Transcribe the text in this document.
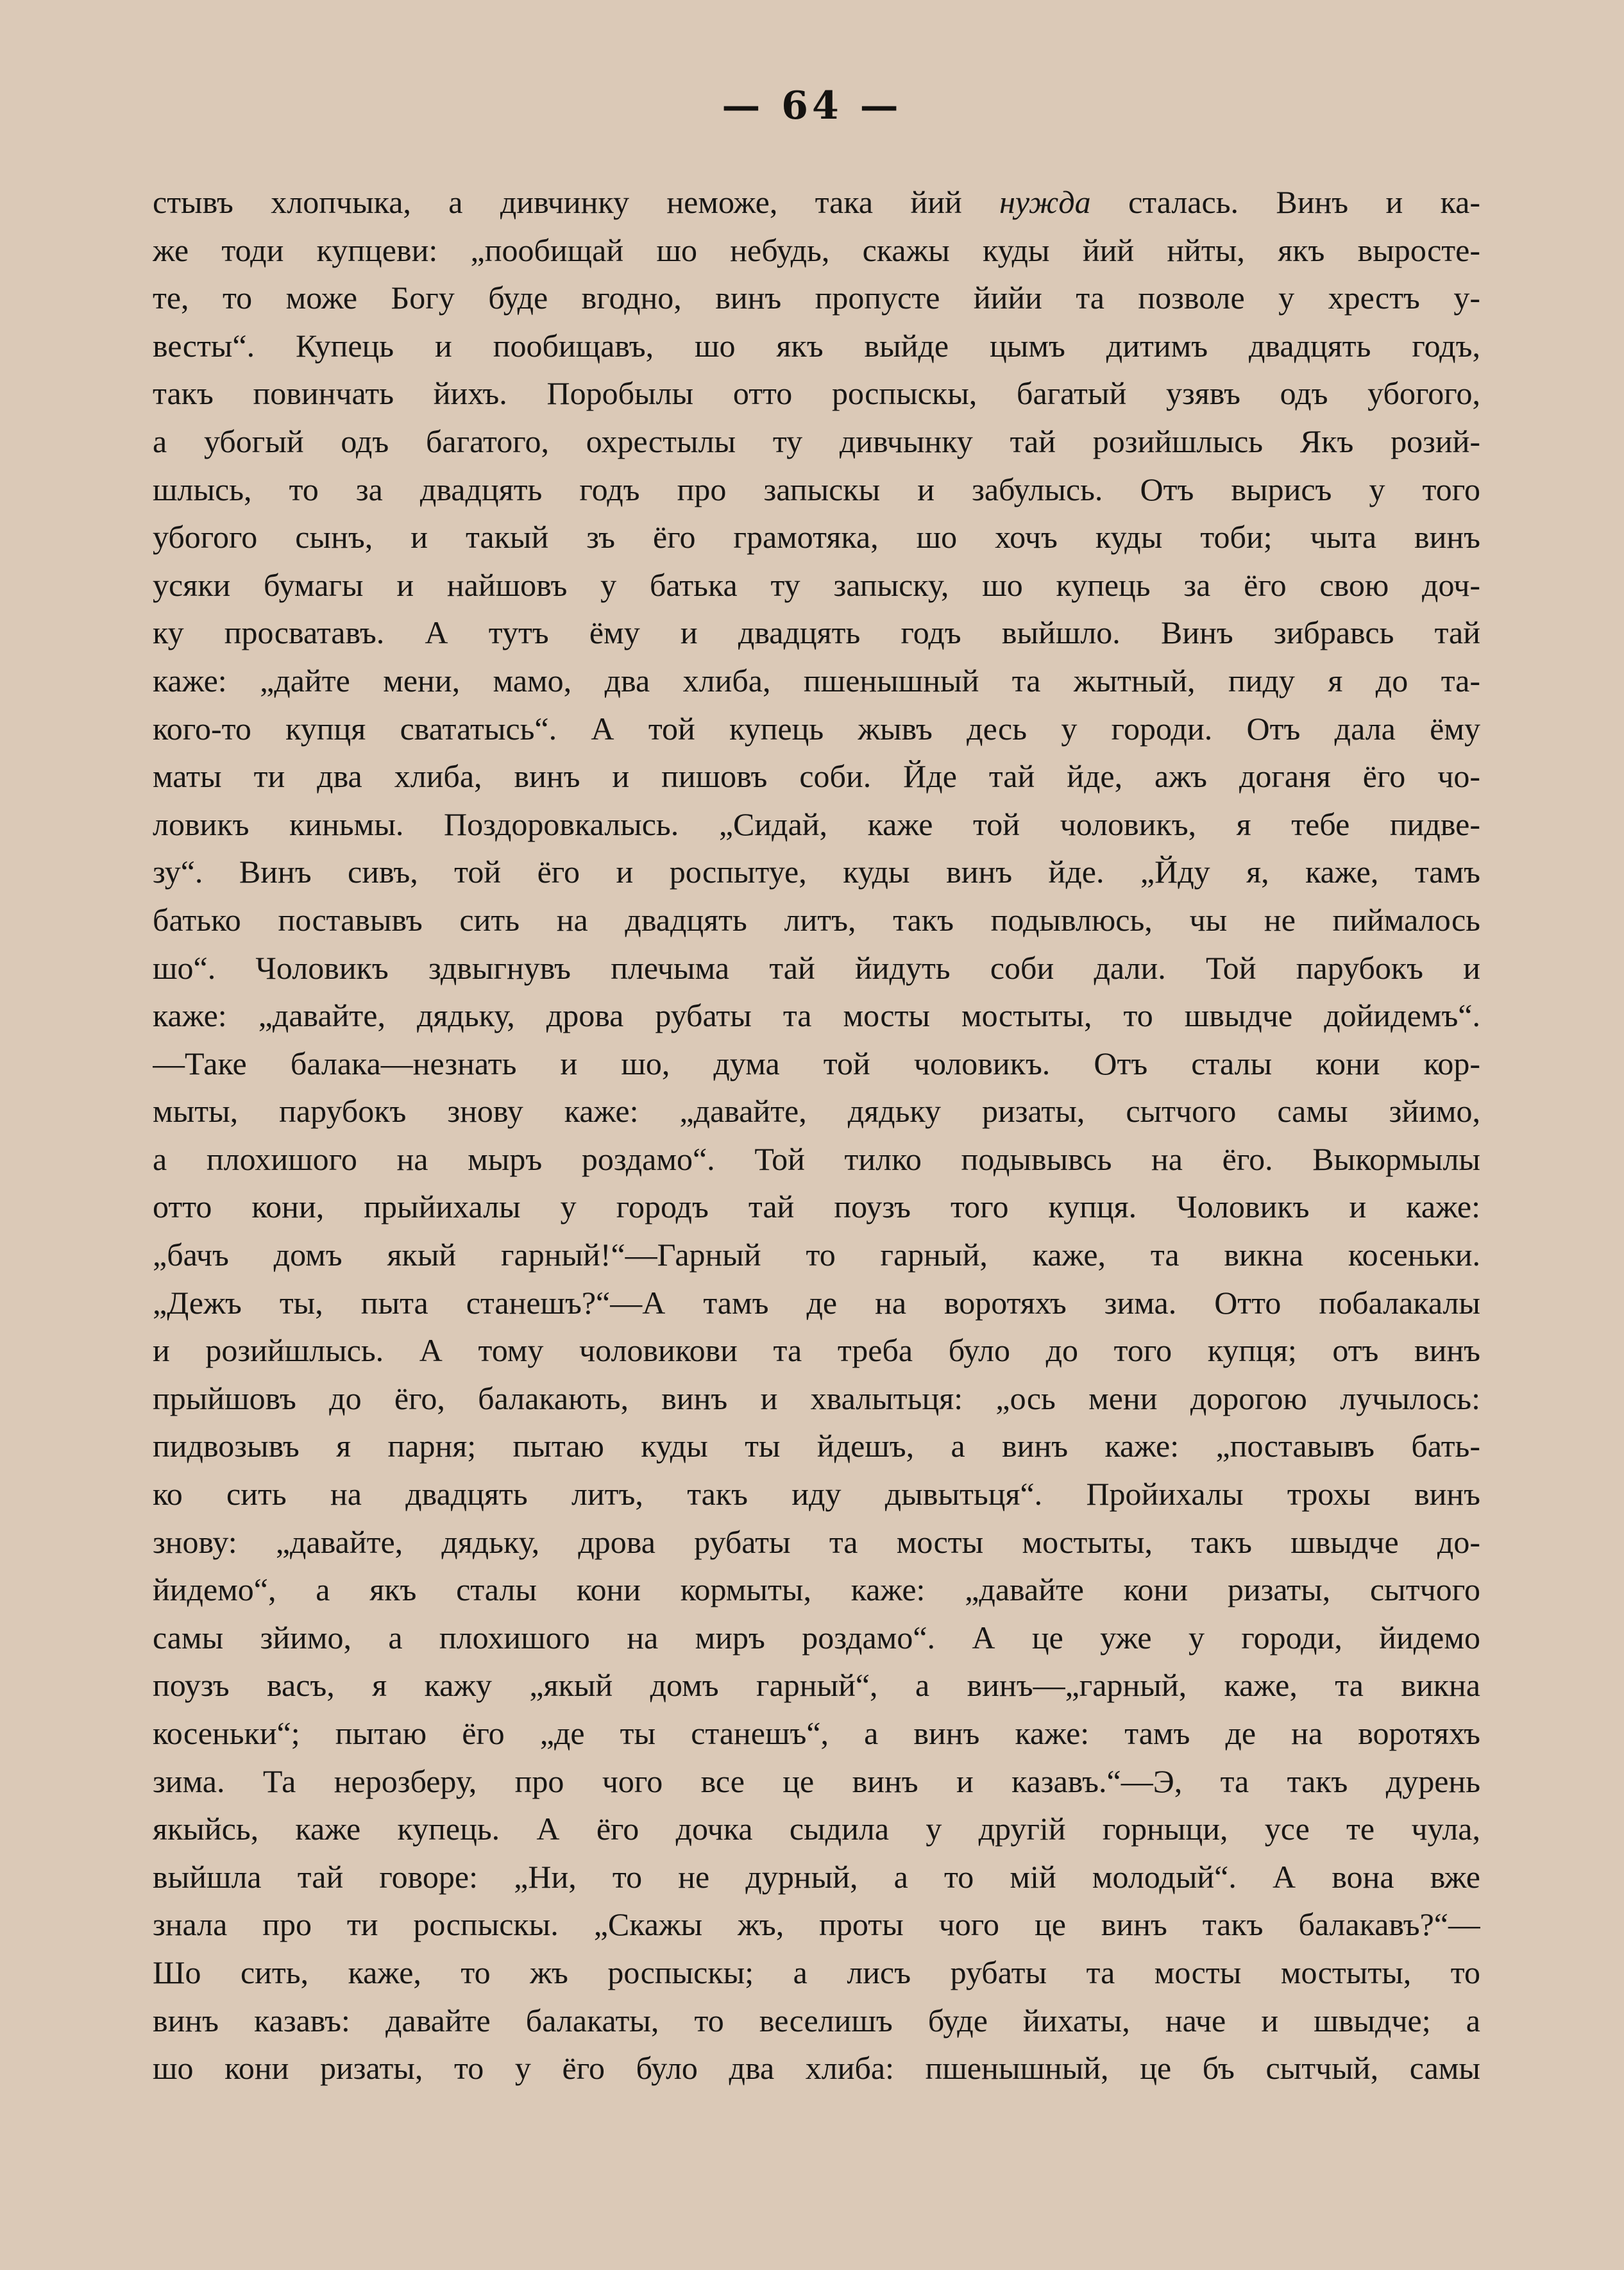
— 64 —
стывъ хлопчыка, а дивчинку неможе, така йий нужда сталась. Винъ и ка-
же тоди купцеви: „пообищай шо небудь, скажы куды йий нйты, якъ выросте-
те, то може Богу буде вгодно, винъ пропусте йийи та позволе у хрестъ у-
весты“. Купець и пообищавъ, шо якъ выйде цымъ дитимъ двадцять годъ,
такъ повинчать йихъ. Поробылы отто роспыскы, багатый узявъ одъ убогого,
а убогый одъ багатого, охрестылы ту дивчынку тай розийшлысь Якъ розий-
шлысь, то за двадцять годъ про запыскы и забулысь. Отъ вырисъ у того
убогого сынъ, и такый зъ ёго грамотяка, шо хочъ куды тоби; чыта винъ
усяки бумагы и найшовъ у батька ту запыску, шо купець за ёго свою доч-
ку просватавъ. А тутъ ёму и двадцять годъ выйшло. Винъ зибравсь тай
каже: „дайте мени, мамо, два хлиба, пшенышный та жытный, пиду я до та-
кого-то купця свататысь“. А той купець жывъ десь у городи. Отъ дала ёму
маты ти два хлиба, винъ и пишовъ соби. Йде тай йде, ажъ доганя ёго чо-
ловикъ киньмы. Поздоровкалысь. „Сидай, каже той чоловикъ, я тебе пидве-
зу“. Винъ сивъ, той ёго и роспытуе, куды винъ йде. „Йду я, каже, тамъ
батько поставывъ сить на двадцять литъ, такъ подывлюсь, чы не пиймалось
шо“. Чоловикъ здвыгнувъ плечыма тай йидуть соби дали. Той парубокъ и
каже: „давайте, дядьку, дрова рубаты та мосты мостыты, то швыдче дойидемъ“.
—Таке балака—незнать и шо, дума той чоловикъ. Отъ сталы кони кор-
мыты, парубокъ знову каже: „давайте, дядьку ризаты, сытчого самы зйимо,
а плохишого на мыръ роздамо“. Той тилко подывывсь на ёго. Выкормылы
отто кони, прыйихалы у городъ тай поузъ того купця. Чоловикъ и каже:
„бачъ домъ якый гарный!“—Гарный то гарный, каже, та викна косеньки.
„Дежъ ты, пыта станешъ?“—А тамъ де на воротяхъ зима. Отто побалакалы
и розийшлысь. А тому чоловикови та треба було до того купця; отъ винъ
прыйшовъ до ёго, балакають, винъ и хвалытьця: „ось мени дорогою лучылось:
пидвозывъ я парня; пытаю куды ты йдешъ, а винъ каже: „поставывъ бать-
ко сить на двадцять литъ, такъ иду дывытьця“. Пройихалы трохы винъ
знову: „давайте, дядьку, дрова рубаты та мосты мостыты, такъ швыдче до-
йидемо“, а якъ сталы кони кормыты, каже: „давайте кони ризаты, сытчого
самы зйимо, а плохишого на миръ роздамо“. А це уже у городи, йидемо
поузъ васъ, я кажу „якый домъ гарный“, а винъ—„гарный, каже, та викна
косеньки“; пытаю ёго „де ты станешъ“, а винъ каже: тамъ де на воротяхъ
зима. Та нерозберу, про чого все це винъ и казавъ.“—Э, та такъ дурень
якыйсь, каже купець. А ёго дочка сыдила у другій горныци, усе те чула,
выйшла тай говоре: „Ни, то не дурный, а то мій молодый“. А вона вже
знала про ти роспыскы. „Скажы жъ, проты чого це винъ такъ балакавъ?“—
Шо сить, каже, то жъ роспыскы; а лисъ рубаты та мосты мостыты, то
винъ казавъ: давайте балакаты, то веселишъ буде йихаты, наче и швыдче; а
шо кони ризаты, то у ёго було два хлиба: пшенышный, це бъ сытчый, самы
